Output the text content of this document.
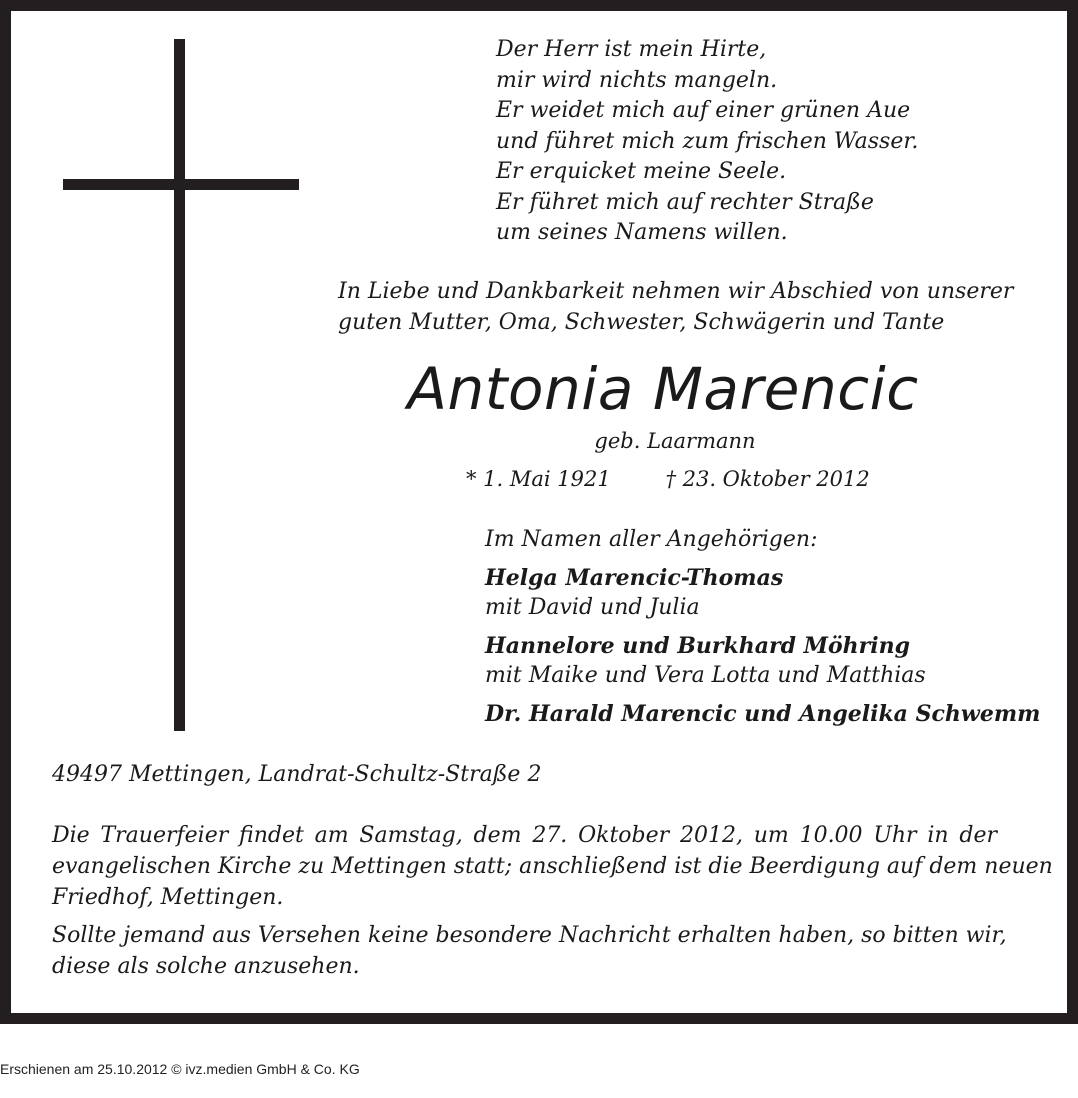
Der Herr ist mein Hirte,
mir wird nichts mangeln.
Er weidet mich auf einer grünen Aue
und führet mich zum frischen Wasser.
Er erquicket meine Seele.
Er führet mich auf rechter Straße
um seines Namens willen.
In Liebe und Dankbarkeit nehmen wir Abschied von unserer
guten Mutter, Oma, Schwester, Schwägerin und Tante
Antonia Marencic
geb. Laarmann
* 1. Mai 1921	† 23. Oktober 2012
Im Namen aller Angehörigen:
Helga Marencic-Thomas
mit David und Julia
Hannelore und Burkhard Möhring
mit Maike und Vera Lotta und Matthias
Dr. Harald Marencic und Angelika Schwemm
49497 Mettingen, Landrat-Schultz-Straße 2
Die Trauerfeier findet am Samstag, dem 27. Oktober 2012, um 10.00 Uhr in der
evangelischen Kirche zu Mettingen statt; anschließend ist die Beerdigung auf dem neuen
Friedhof, Mettingen.
Sollte jemand aus Versehen keine besondere Nachricht erhalten haben, so bitten wir,
diese als solche anzusehen.
Erschienen am 25.10.2012 © ivz.medien GmbH & Co. KG
